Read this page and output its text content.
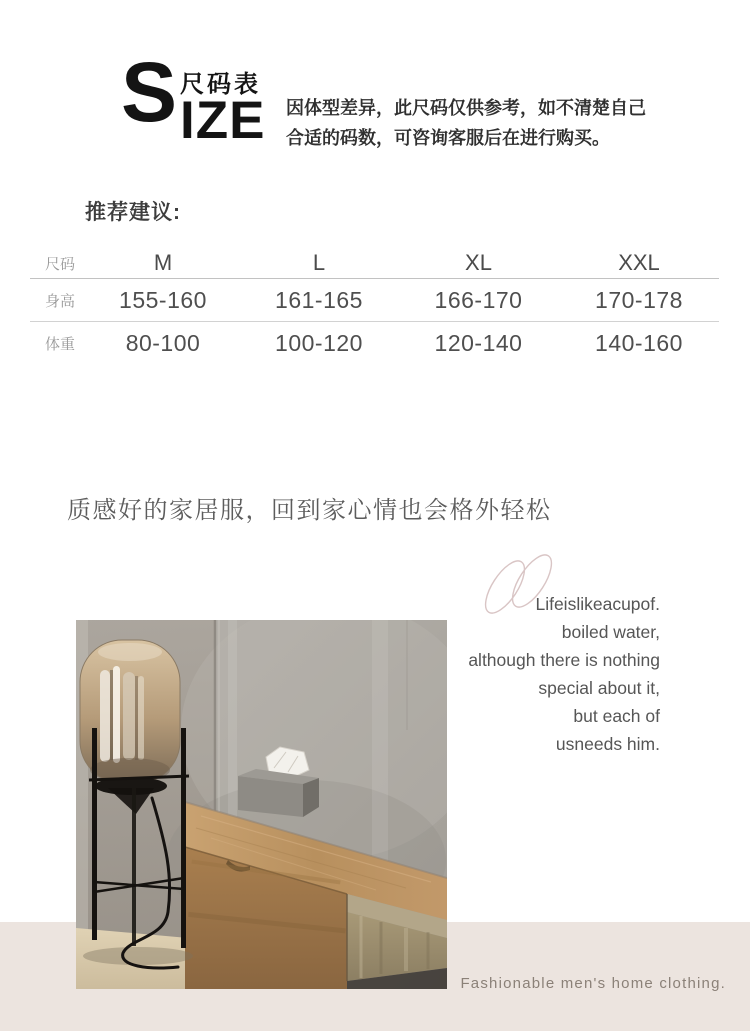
S 尺码表
IZE 因体型差异，此尺码仅供参考，如不清楚自己
合适的码数，可咨询客服后在进行购买。

推荐建议:
尺码	M	L	XL	XXL
身高	155-160	161-165	166-170	170-178
体重	80-100	100-120	120-140	140-160
质感好的家居服，回到家心情也会格外轻松
Lifeislikeacupof.
boiled water,
although there is nothing
special about it,
but each of
usneeds him.
Fashionable men's home clothing.
